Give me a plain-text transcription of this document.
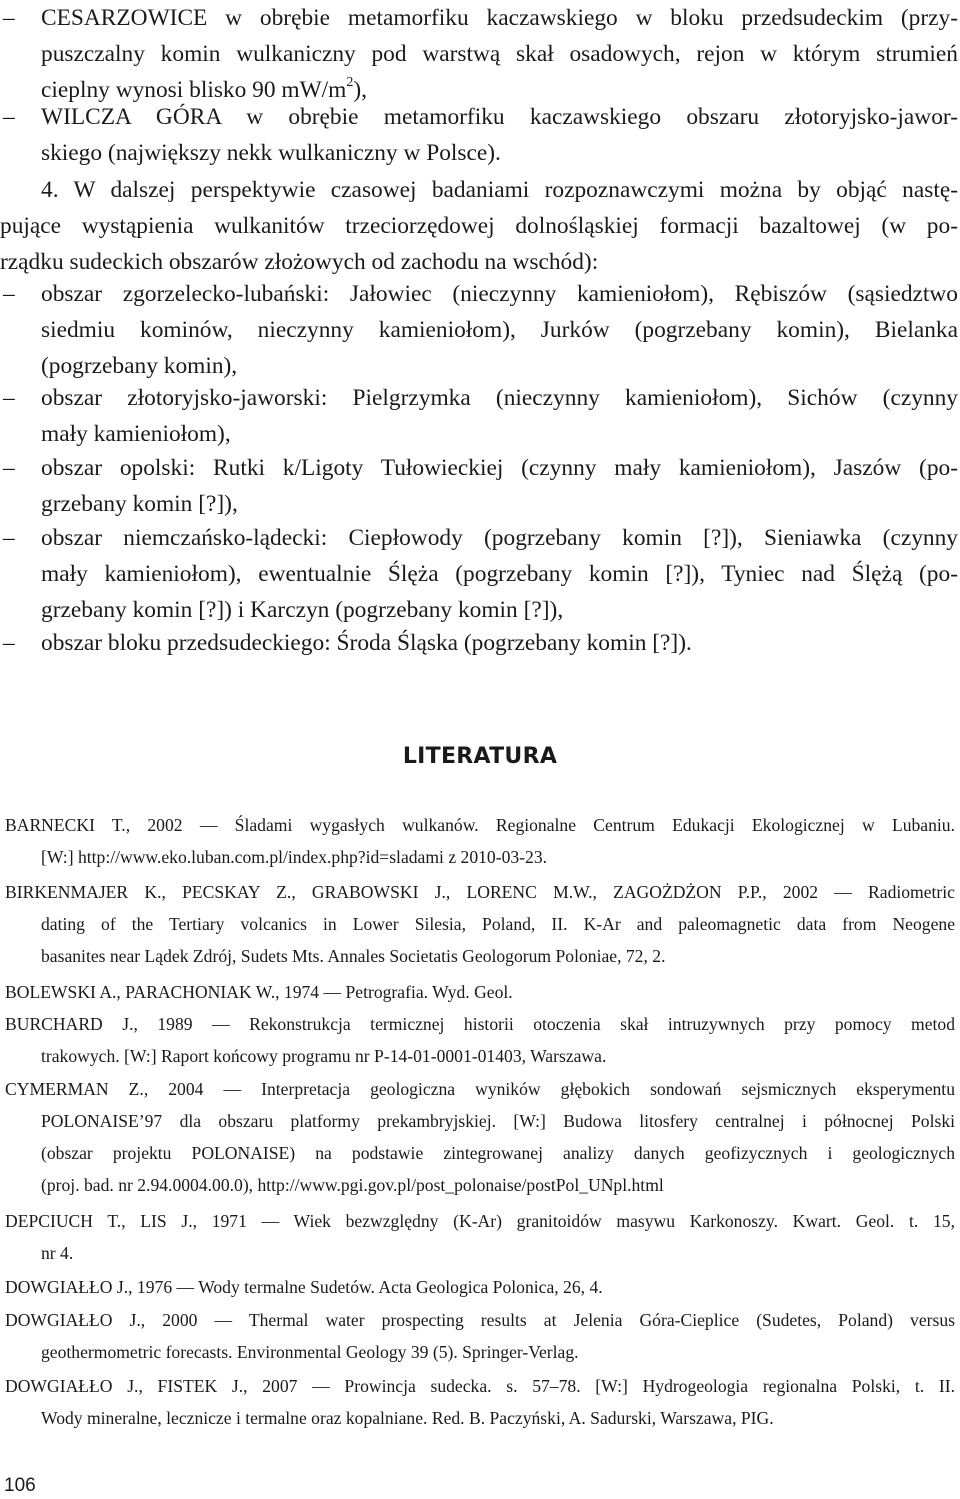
– CESARZOWICE w obrębie metamorfiku kaczawskiego w bloku przedsudeckim (przy-
puszczalny komin wulkaniczny pod warstwą skał osadowych, rejon w którym strumień
cieplny wynosi blisko 90 $mW/m^2$),
– WILCZA GÓRA w obrębie metamorfiku kaczawskiego obszaru złotoryjsko-jawor-
skiego (największy nekk wulkaniczny w Polsce).
4. W dalszej perspektywie czasowej badaniami rozpoznawczymi można by objąć nastę-
pujące wystąpienia wulkanitów trzeciorzędowej dolnośląskiej formacji bazaltowej (w po-
rządku sudeckich obszarów złożowych od zachodu na wschód):
– obszar zgorzelecko-lubański: Jałowiec (nieczynny kamieniołom), Rębiszów (sąsiedztwo
siedmiu kominów, nieczynny kamieniołom), Jurków (pogrzebany komin), Bielanka
(pogrzebany komin),
– obszar złotoryjsko-jaworski: Pielgrzymka (nieczynny kamieniołom), Sichów (czynny
mały kamieniołom),
– obszar opolski: Rutki k/Ligoty Tułowieckiej (czynny mały kamieniołom), Jaszów (po-
grzebany komin [?]),
– obszar niemczańsko-lądecki: Ciepłowody (pogrzebany komin [?]), Sieniawka (czynny
mały kamieniołom), ewentualnie Ślęża (pogrzebany komin [?]), Tyniec nad Ślężą (po-
grzebany komin [?]) i Karczyn (pogrzebany komin [?]),
– obszar bloku przedsudeckiego: Środa Śląska (pogrzebany komin [?]).
LITERATURA
BARNECKI T., 2002 — Śladami wygasłych wulkanów. Regionalne Centrum Edukacji Ekologicznej w Lubaniu.
[W:] http://www.eko.luban.com.pl/index.php?id=sladami z 2010-03-23.
BIRKENMAJER K., PECSKAY Z., GRABOWSKI J., LORENC M.W., ZAGOŻDŻON P.P., 2002 — Radiometric
dating of the Tertiary volcanics in Lower Silesia, Poland, II. K-Ar and paleomagnetic data from Neogene
basanites near Lądek Zdrój, Sudets Mts. Annales Societatis Geologorum Poloniae, 72, 2.
BOLEWSKI A., PARACHONIAK W., 1974 — Petrografia. Wyd. Geol.
BURCHARD J., 1989 — Rekonstrukcja termicznej historii otoczenia skał intruzywnych przy pomocy metod
trakowych. [W:] Raport końcowy programu nr P-14-01-0001-01403, Warszawa.
CYMERMAN Z., 2004 — Interpretacja geologiczna wyników głębokich sondowań sejsmicznych eksperymentu
POLONAISE’97 dla obszaru platformy prekambryjskiej. [W:] Budowa litosfery centralnej i północnej Polski
(obszar projektu POLONAISE) na podstawie zintegrowanej analizy danych geofizycznych i geologicznych
(proj. bad. nr 2.94.0004.00.0), http://www.pgi.gov.pl/post_polonaise/postPol_UNpl.html
DEPCIUCH T., LIS J., 1971 — Wiek bezwzględny (K-Ar) granitoidów masywu Karkonoszy. Kwart. Geol. t. 15,
nr 4.
DOWGIAŁŁO J., 1976 — Wody termalne Sudetów. Acta Geologica Polonica, 26, 4.
DOWGIAŁŁO J., 2000 — Thermal water prospecting results at Jelenia Góra-Cieplice (Sudetes, Poland) versus
geothermometric forecasts. Environmental Geology 39 (5). Springer-Verlag.
DOWGIAŁŁO J., FISTEK J., 2007 — Prowincja sudecka. s. 57–78. [W:] Hydrogeologia regionalna Polski, t. II.
Wody mineralne, lecznicze i termalne oraz kopalniane. Red. B. Paczyński, A. Sadurski, Warszawa, PIG.
106
